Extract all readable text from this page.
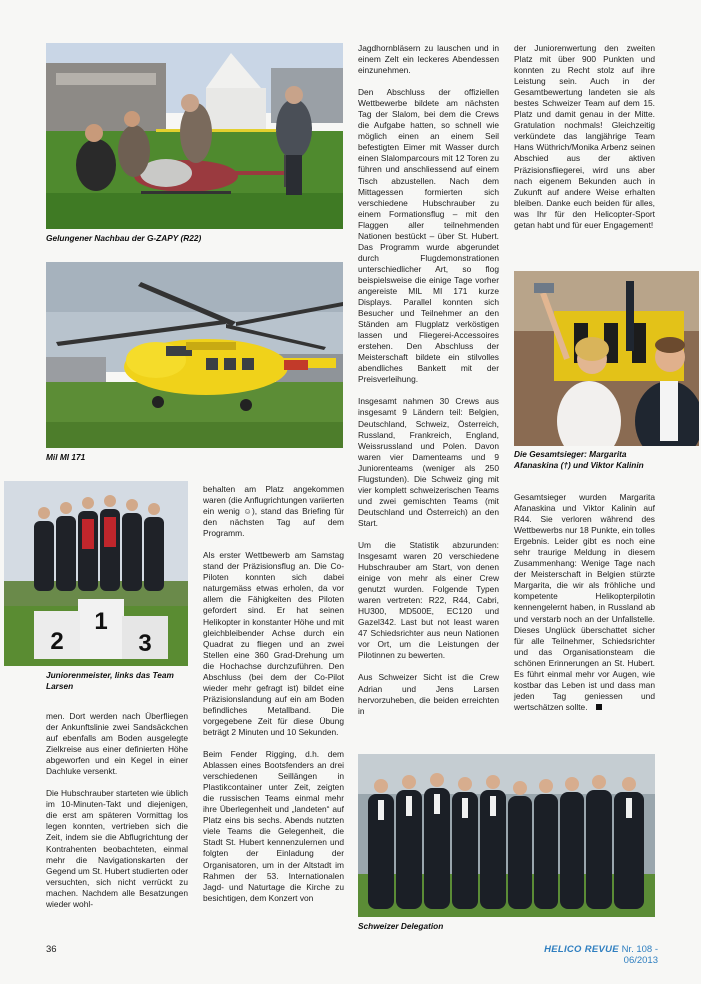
Gelungener Nachbau der G-ZAPY (R22)
Mil MI 171
1
2	3
Juniorenmeister, links das Team Larsen

men. Dort werden nach Überfliegen der Ankunftslinie zwei Sandsäckchen auf ebenfalls am Boden ausgelegte Zielkreise aus einer definierten Höhe abgeworfen und ein Kegel in einer Dachluke versenkt.

Die Hubschrauber starteten wie üblich im 10-Minuten-Takt und diejenigen, die erst am späteren Vormittag los legen konnten, vertrieben sich die Zeit, indem sie die Abflugrichtung der Kontrahenten beobachteten, einmal mehr die Navigationskarten der Gegend um St. Hubert studierten oder versuchten, sich nicht verrückt zu machen. Nachdem alle Besatzungen wieder wohl-

behalten am Platz angekommen waren (die Anflugrichtungen variierten ein wenig ☺), stand das Briefing für den nächsten Tag auf dem Programm.

Als erster Wettbewerb am Samstag stand der Präzisionsflug an. Die Co-Piloten konnten sich dabei naturgemäss etwas erholen, da vor allem die Fähigkeiten des Piloten gefordert sind. Er hat seinen Helikopter in konstanter Höhe und mit gleichbleibender Achse durch ein Quadrat zu fliegen und an zwei Stellen eine 360 Grad-Drehung um die Hochachse durchzuführen. Den Abschluss (bei dem der Co-Pilot wieder mehr gefragt ist) bildet eine Präzisionslandung auf ein am Boden befindliches Metallband. Die vorgegebene Zeit für diese Übung beträgt 2 Minuten und 10 Sekunden.

Beim Fender Rigging, d.h. dem Ablassen eines Bootsfenders an drei verschiedenen Seillängen in Plastikcontainer unter Zeit, zeigten die russischen Teams einmal mehr ihre Überlegenheit und „landeten“ auf Platz eins bis sechs. Abends nutzten viele Teams die Gelegenheit, die Stadt St. Hubert kennenzulernen und folgten der Einladung der Organisatoren, um in der Altstadt im Rahmen der 53. Internationalen Jagd- und Naturtage die Kirche zu besichtigen, dem Konzert von

Jagdhornbläsern zu lauschen und in einem Zelt ein leckeres Abendessen einzunehmen.

Den Abschluss der offiziellen Wettbewerbe bildete am nächsten Tag der Slalom, bei dem die Crews die Aufgabe hatten, so schnell wie möglich einen an einem Seil befestigten Eimer mit Wasser durch einen Slalomparcours mit 12 Toren zu führen und anschliessend auf einem Tisch abzustellen. Nach dem Mittagessen formierten sich verschiedene Hubschrauber zu einem Formationsflug – mit den Flaggen aller teilnehmenden Nationen bestückt – über St. Hubert. Das Programm wurde abgerundet durch Flugdemonstrationen unterschiedlicher Art, so flog beispielsweise die einige Tage vorher angereiste MIL MI 171 kurze Displays. Parallel konnten sich Besucher und Teilnehmer an den Ständen am Flugplatz verköstigen lassen und Fliegerei-Accessoires erstehen. Den Abschluss der Meisterschaft bildete ein stilvolles abendliches Bankett mit der Preisverleihung.

Insgesamt nahmen 30 Crews aus insgesamt 9 Ländern teil: Belgien, Deutschland, Schweiz, Österreich, Russland, Frankreich, England, Weissrussland und Polen. Davon waren vier Damenteams und 9 Juniorenteams (weniger als 250 Flugstunden). Die Schweiz ging mit vier komplett schweizerischen Teams und zwei gemischten Teams (mit Deutschland und Österreich) an den Start.

Um die Statistik abzurunden: Insgesamt waren 20 verschiedene Hubschrauber am Start, von denen einige von mehr als einer Crew genutzt wurden. Folgende Typen waren vertreten: R22, R44, Cabri, HU300, MD500E, EC120 und Gazel342. Last but not least waren 47 Schiedsrichter aus neun Nationen vor Ort, um die Leistungen der Pilotinnen zu bewerten.

Aus Schweizer Sicht ist die Crew Adrian und Jens Larsen hervorzuheben, die beiden erreichten in

der Juniorenwertung den zweiten Platz mit über 900 Punkten und konnten zu Recht stolz auf ihre Leistung sein. Auch in der Gesamtbewertung landeten sie als bestes Schweizer Team auf dem 15. Platz und damit genau in der Mitte. Gratulation nochmals! Gleichzeitig verkündete das langjährige Team Hans Wüthrich/Monika Arbenz seinen Abschied aus der aktiven Präzisionsfliegerei, wird uns aber nach eigenem Bekunden auch in Zukunft auf andere Weise erhalten bleiben. Danke euch beiden für alles, was Ihr für den Helicopter-Sport getan habt und für euer Engagement!

Die Gesamtsieger: Margarita Afanaskina (†) und Viktor Kalinin

Gesamtsieger wurden Margarita Afanaskina und Viktor Kalinin auf R44. Sie verloren während des Wettbewerbs nur 18 Punkte, ein tolles Ergebnis. Leider gibt es noch eine sehr traurige Meldung in diesem Zusammenhang: Wenige Tage nach der Meisterschaft in Belgien stürzte Margarita, die wir als fröhliche und kompetente Helikopterpilotin kennengelernt haben, in Russland ab und verstarb noch an der Unfallstelle. Dieses Unglück überschattet sicher für alle Teilnehmer, Schiedsrichter und das Organisationsteam die schönen Erinnerungen an St. Hubert. Es führt einmal mehr vor Augen, wie kostbar das Leben ist und dass man jeden Tag geniessen und wertschätzen sollte.

Schweizer Delegation
36	HELICO REVUE Nr. 108 - 06/2013
